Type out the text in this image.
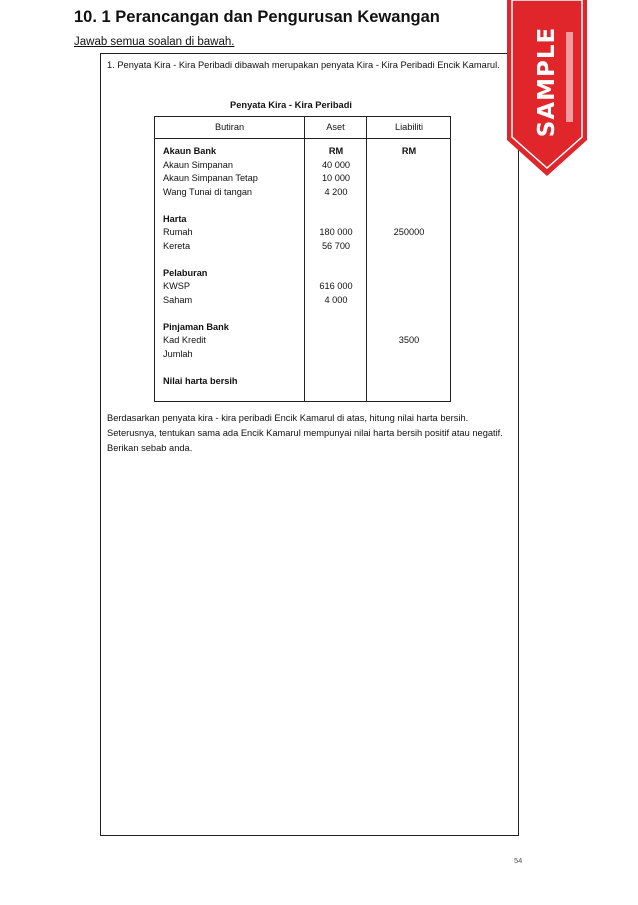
10. 1 Perancangan dan Pengurusan Kewangan
Jawab semua soalan di bawah.

1. Penyata Kira - Kira Peribadi dibawah merupakan penyata Kira - Kira Peribadi Encik Kamarul.

Penyata Kira - Kira Peribadi
Butiran	Aset	Liabiliti
Akaun Bank
Akaun Simpanan
Akaun Simpanan Tetap
Wang Tunai di tangan
Harta
Rumah
Kereta
Pelaburan
KWSP
Saham
Pinjaman Bank
Kad Kredit
Jumlah
Nilai harta bersih
RM
40 000
10 000
4 200
180 000
56 700
616 000
4 000
RM
250000
3500

Berdasarkan penyata kira - kira peribadi Encik Kamarul di atas, hitung nilai harta bersih. Seterusnya, tentukan sama ada Encik Kamarul mempunyai nilai harta bersih positif atau negatif. Berikan sebab anda.

54
SAMPLE
